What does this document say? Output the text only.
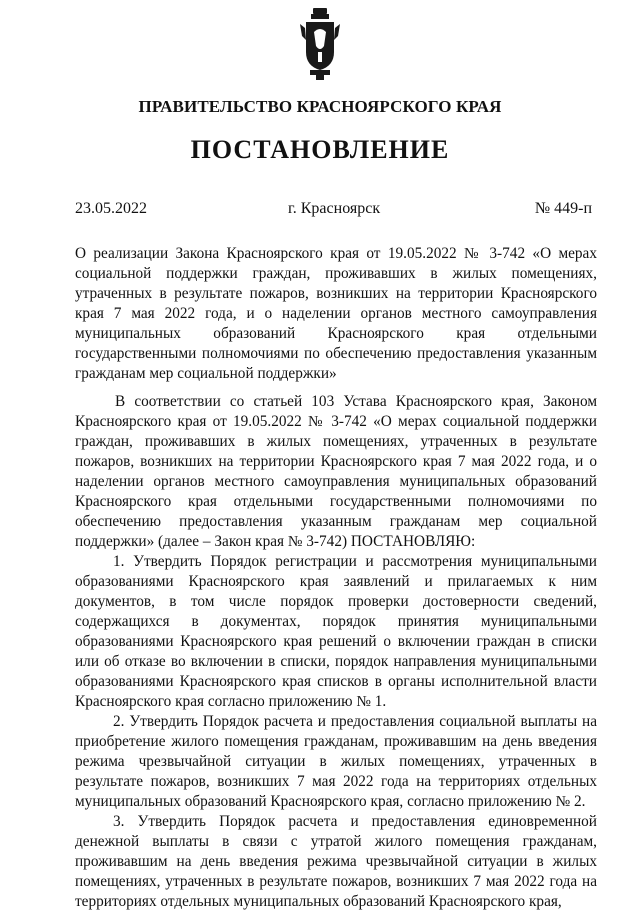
ПРАВИТЕЛЬСТВО КРАСНОЯРСКОГО КРАЯ
ПОСТАНОВЛЕНИЕ
23.05.2022	г. Красноярск	№ 449-п

О реализации Закона Красноярского края от 19.05.2022 № 3-742 «О мерах социальной поддержки граждан, проживавших в жилых помещениях, утраченных в результате пожаров, возникших на территории Красноярского края 7 мая 2022 года, и о наделении органов местного самоуправления муниципальных образований Красноярского края отдельными государственными полномочиями по обеспечению предоставления указанным гражданам мер социальной поддержки»

В соответствии со статьей 103 Устава Красноярского края, Законом Красноярского края от 19.05.2022 № 3-742 «О мерах социальной поддержки граждан, проживавших в жилых помещениях, утраченных в результате пожаров, возникших на территории Красноярского края 7 мая 2022 года, и о наделении органов местного самоуправления муниципальных образований Красноярского края отдельными государственными полномочиями по обеспечению предоставления указанным гражданам мер социальной поддержки» (далее – Закон края № 3-742) ПОСТАНОВЛЯЮ:

1. Утвердить Порядок регистрации и рассмотрения муниципальными образованиями Красноярского края заявлений и прилагаемых к ним документов, в том числе порядок проверки достоверности сведений, содержащихся в документах, порядок принятия муниципальными образованиями Красноярского края решений о включении граждан в списки или об отказе во включении в списки, порядок направления муниципальными образованиями Красноярского края списков в органы исполнительной власти Красноярского края согласно приложению № 1.

2. Утвердить Порядок расчета и предоставления социальной выплаты на приобретение жилого помещения гражданам, проживавшим на день введения режима чрезвычайной ситуации в жилых помещениях, утраченных в результате пожаров, возникших 7 мая 2022 года на территориях отдельных муниципальных образований Красноярского края, согласно приложению № 2.

3. Утвердить Порядок расчета и предоставления единовременной денежной выплаты в связи с утратой жилого помещения гражданам, проживавшим на день введения режима чрезвычайной ситуации в жилых помещениях, утраченных в результате пожаров, возникших 7 мая 2022 года на территориях отдельных муниципальных образований Красноярского края,
